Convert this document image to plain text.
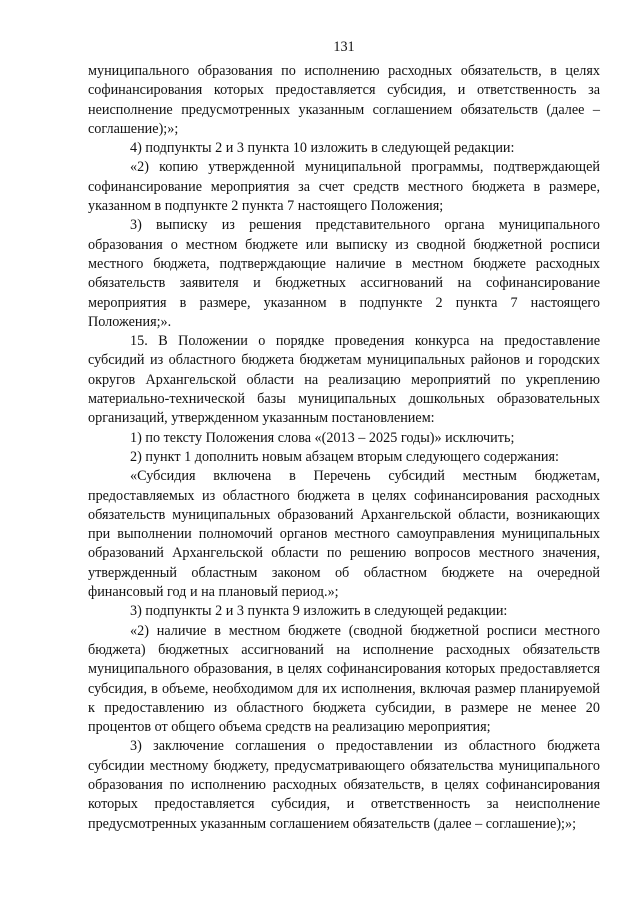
131

муниципального образования по исполнению расходных обязательств, в целях софинансирования которых предоставляется субсидия, и ответственность за неисполнение предусмотренных указанным соглашением обязательств (далее – соглашение);»;

4) подпункты 2 и 3 пункта 10 изложить в следующей редакции:

«2) копию утвержденной муниципальной программы, подтверждающей софинансирование мероприятия за счет средств местного бюджета в размере, указанном в подпункте 2 пункта 7 настоящего Положения;

3) выписку из решения представительного органа муниципального образования о местном бюджете или выписку из сводной бюджетной росписи местного бюджета, подтверждающие наличие в местном бюджете расходных обязательств заявителя и бюджетных ассигнований на софинансирование мероприятия в размере, указанном в подпункте 2 пункта 7 настоящего Положения;».

15. В Положении о порядке проведения конкурса на предоставление субсидий из областного бюджета бюджетам муниципальных районов и городских округов Архангельской области на реализацию мероприятий по укреплению материально-технической базы муниципальных дошкольных образовательных организаций, утвержденном указанным постановлением:

1) по тексту Положения слова «(2013 – 2025 годы)» исключить;

2) пункт 1 дополнить новым абзацем вторым следующего содержания:

«Субсидия включена в Перечень субсидий местным бюджетам, предоставляемых из областного бюджета в целях софинансирования расходных обязательств муниципальных образований Архангельской области, возникающих при выполнении полномочий органов местного самоуправления муниципальных образований Архангельской области по решению вопросов местного значения, утвержденный областным законом об областном бюджете на очередной финансовый год и на плановый период.»;

3) подпункты 2 и 3 пункта 9 изложить в следующей редакции:

«2) наличие в местном бюджете (сводной бюджетной росписи местного бюджета) бюджетных ассигнований на исполнение расходных обязательств муниципального образования, в целях софинансирования которых предоставляется субсидия, в объеме, необходимом для их исполнения, включая размер планируемой к предоставлению из областного бюджета субсидии, в размере не менее 20 процентов от общего объема средств на реализацию мероприятия;

3) заключение соглашения о предоставлении из областного бюджета субсидии местному бюджету, предусматривающего обязательства муниципального образования по исполнению расходных обязательств, в целях софинансирования которых предоставляется субсидия, и ответственность за неисполнение предусмотренных указанным соглашением обязательств (далее – соглашение);»;
